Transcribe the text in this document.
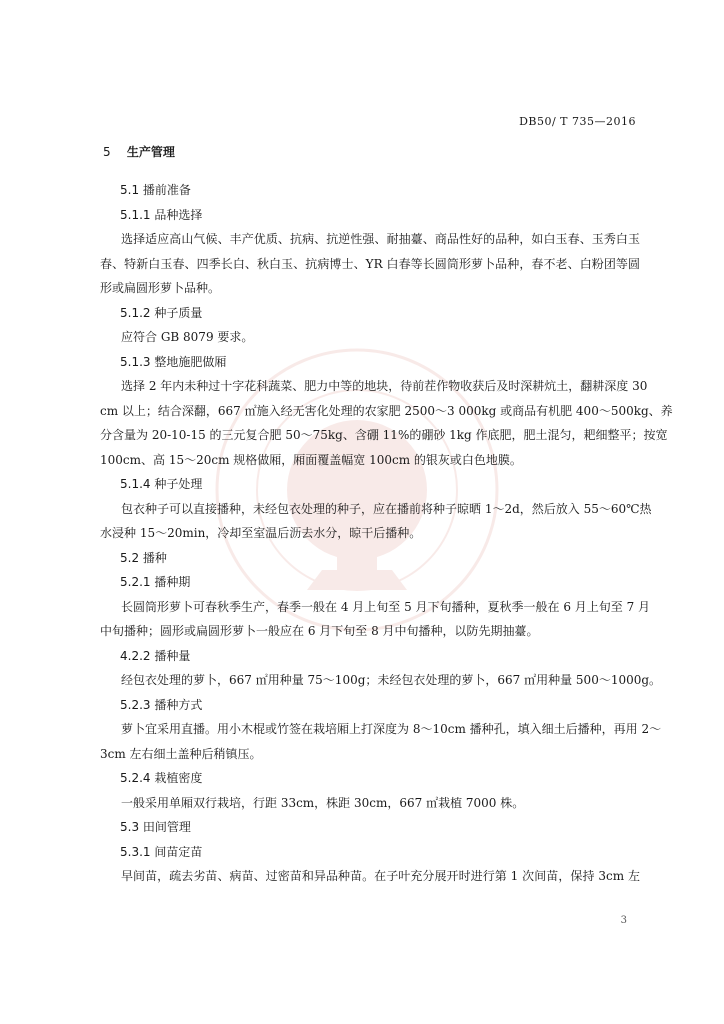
DB50/ T 735—2016
5 生产管理
5.1 播前准备
5.1.1 品种选择
选择适应高山气候、丰产优质、抗病、抗逆性强、耐抽薹、商品性好的品种，如白玉春、玉秀白玉
春、特新白玉春、四季长白、秋白玉、抗病博士、YR 白春等长圆筒形萝卜品种，春不老、白粉团等圆
形或扁圆形萝卜品种。
5.1.2 种子质量
应符合 GB 8079 要求。
5.1.3 整地施肥做厢
选择 2 年内未种过十字花科蔬菜、肥力中等的地块，待前茬作物收获后及时深耕炕土，翻耕深度 30
cm 以上；结合深翻，667 ㎡施入经无害化处理的农家肥 2500～3 000kg 或商品有机肥 400～500kg、养
分含量为 20-10-15 的三元复合肥 50～75kg、含硼 11%的硼砂 1kg 作底肥，肥土混匀，耙细整平；按宽
100cm、高 15～20cm 规格做厢，厢面覆盖幅宽 100cm 的银灰或白色地膜。
5.1.4 种子处理
包衣种子可以直接播种，未经包衣处理的种子，应在播前将种子晾晒 1～2d，然后放入 55～60℃热
水浸种 15～20min，冷却至室温后沥去水分，晾干后播种。
5.2 播种
5.2.1 播种期
长圆筒形萝卜可春秋季生产，春季一般在 4 月上旬至 5 月下旬播种，夏秋季一般在 6 月上旬至 7 月
中旬播种；圆形或扁圆形萝卜一般应在 6 月下旬至 8 月中旬播种，以防先期抽薹。
4.2.2 播种量
经包衣处理的萝卜，667 ㎡用种量 75～100g；未经包衣处理的萝卜，667 ㎡用种量 500～1000g。
5.2.3 播种方式
萝卜宜采用直播。用小木棍或竹签在栽培厢上打深度为 8～10cm 播种孔，填入细土后播种，再用 2～
3cm 左右细土盖种后稍镇压。
5.2.4 栽植密度
一般采用单厢双行栽培，行距 33cm，株距 30cm，667 ㎡栽植 7000 株。
5.3 田间管理
5.3.1 间苗定苗
早间苗，疏去劣苗、病苗、过密苗和异品种苗。在子叶充分展开时进行第 1 次间苗，保持 3cm 左
3
